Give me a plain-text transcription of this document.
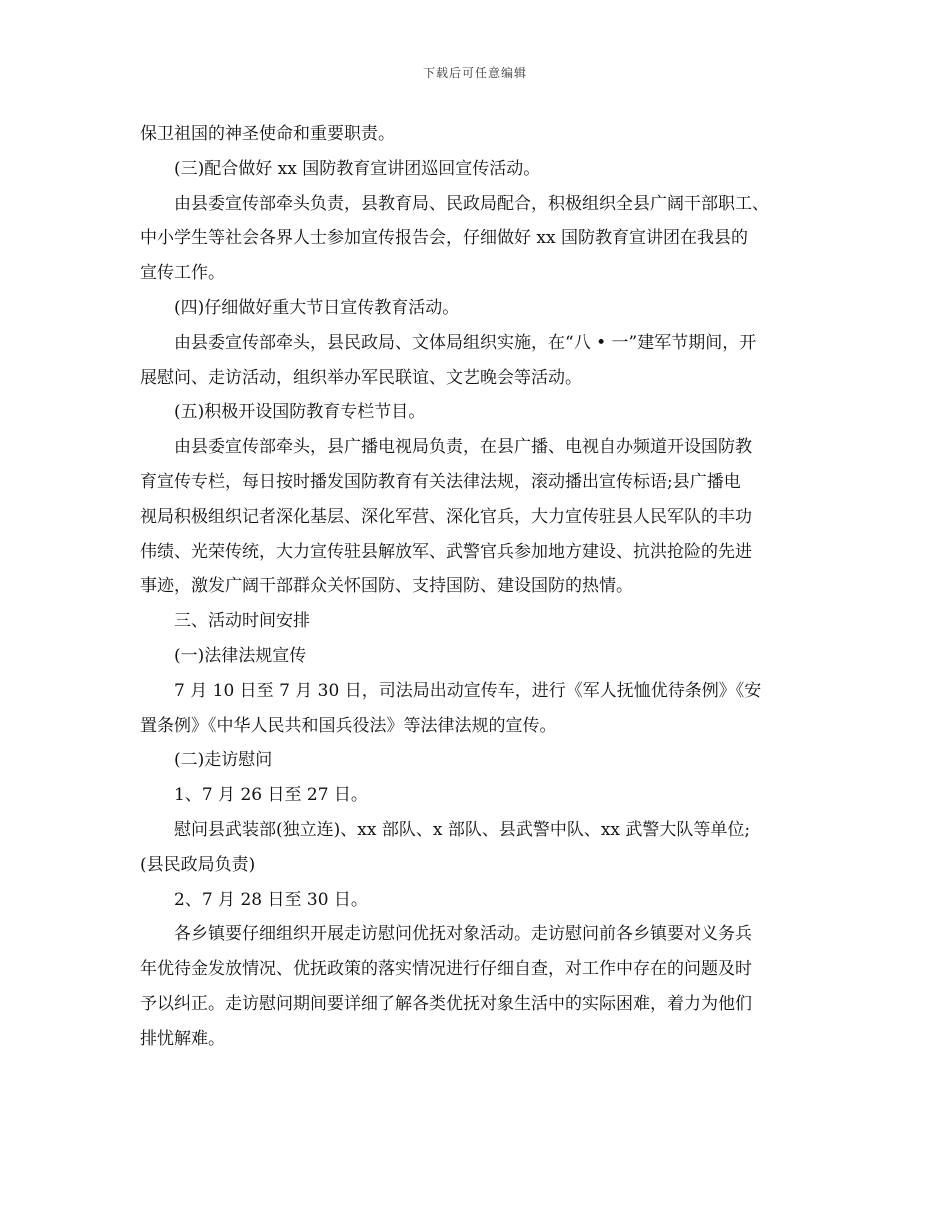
下载后可任意编辑

保卫祖国的神圣使命和重要职责。

(三)配合做好 xx 国防教育宣讲团巡回宣传活动。

由县委宣传部牵头负责，县教育局、民政局配合，积极组织全县广阔干部职工、
中小学生等社会各界人士参加宣传报告会，仔细做好 xx 国防教育宣讲团在我县的
宣传工作。

(四)仔细做好重大节日宣传教育活动。

由县委宣传部牵头，县民政局、文体局组织实施，在“八 • 一”建军节期间，开
展慰问、走访活动，组织举办军民联谊、文艺晚会等活动。

(五)积极开设国防教育专栏节目。

由县委宣传部牵头，县广播电视局负责，在县广播、电视自办频道开设国防教
育宣传专栏，每日按时播发国防教育有关法律法规，滚动播出宣传标语;县广播电
视局积极组织记者深化基层、深化军营、深化官兵，大力宣传驻县人民军队的丰功
伟绩、光荣传统，大力宣传驻县解放军、武警官兵参加地方建设、抗洪抢险的先进
事迹，激发广阔干部群众关怀国防、支持国防、建设国防的热情。

三、活动时间安排

(一)法律法规宣传

7 月 10 日至 7 月 30 日，司法局出动宣传车，进行《军人抚恤优待条例》《安
置条例》《中华人民共和国兵役法》等法律法规的宣传。

(二)走访慰问

1、7 月 26 日至 27 日。

慰问县武装部(独立连)、xx 部队、x 部队、县武警中队、xx 武警大队等单位;
(县民政局负责)

2、7 月 28 日至 30 日。

各乡镇要仔细组织开展走访慰问优抚对象活动。走访慰问前各乡镇要对义务兵
年优待金发放情况、优抚政策的落实情况进行仔细自查，对工作中存在的问题及时
予以纠正。走访慰问期间要详细了解各类优抚对象生活中的实际困难，着力为他们
排忧解难。
